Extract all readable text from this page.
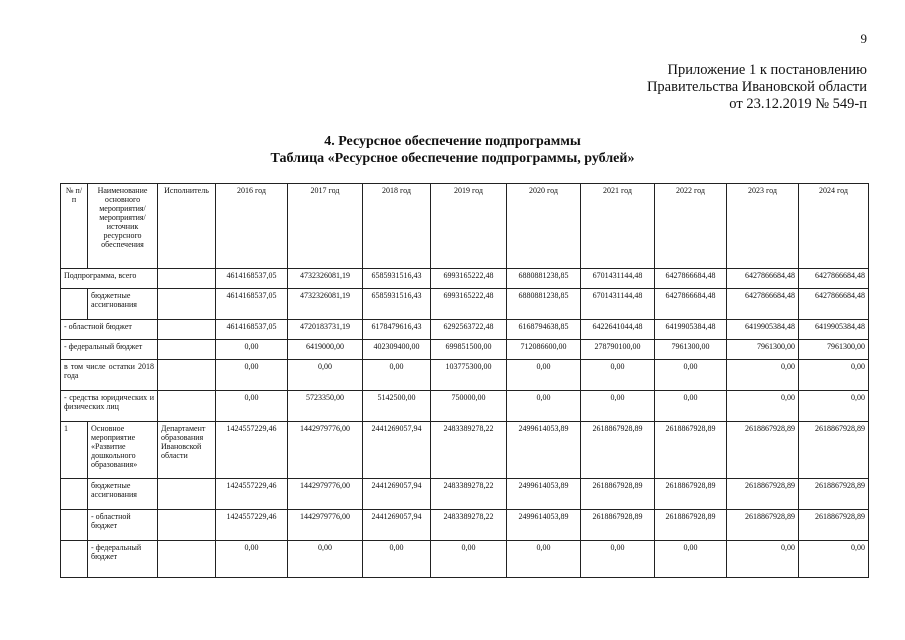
9
Приложение 1 к постановлению
Правительства Ивановской области
от 23.12.2019 № 549-п
4. Ресурсное обеспечение подпрограммы
Таблица «Ресурсное обеспечение подпрограммы, рублей»
№ п/п	Наименование основного мероприятия/ мероприятия/ источник ресурсного обеспечения	Исполнитель	2016 год	2017 год	2018 год	2019 год	2020 год	2021 год	2022 год	2023 год	2024 год
Подпрограмма, всего			4614168537,05	4732326081,19	6585931516,43	6993165222,48	6880881238,85	6701431144,48	6427866684,48	6427866684,48	6427866684,48
	бюджетные ассигнования		4614168537,05	4732326081,19	6585931516,43	6993165222,48	6880881238,85	6701431144,48	6427866684,48	6427866684,48	6427866684,48
- областной бюджет			4614168537,05	4720183731,19	6178479616,43	6292563722,48	6168794638,85	6422641044,48	6419905384,48	6419905384,48	6419905384,48
- федеральный бюджет			0,00	6419000,00	402309400,00	699851500,00	712086600,00	278790100,00	7961300,00	7961300,00	7961300,00
в том числе остатки 2018 года			0,00	0,00	0,00	103775300,00	0,00	0,00	0,00	0,00	0,00
- средства юридических и физических лиц			0,00	5723350,00	5142500,00	750000,00	0,00	0,00	0,00	0,00	0,00
1	Основное мероприятие «Развитие дошкольного образования»	Департамент образования Ивановской области	1424557229,46	1442979776,00	2441269057,94	2483389278,22	2499614053,89	2618867928,89	2618867928,89	2618867928,89	2618867928,89
	бюджетные ассигнования		1424557229,46	1442979776,00	2441269057,94	2483389278,22	2499614053,89	2618867928,89	2618867928,89	2618867928,89	2618867928,89
	- областной бюджет		1424557229,46	1442979776,00	2441269057,94	2483389278,22	2499614053,89	2618867928,89	2618867928,89	2618867928,89	2618867928,89
	- федеральный бюджет		0,00	0,00	0,00	0,00	0,00	0,00	0,00	0,00	0,00
